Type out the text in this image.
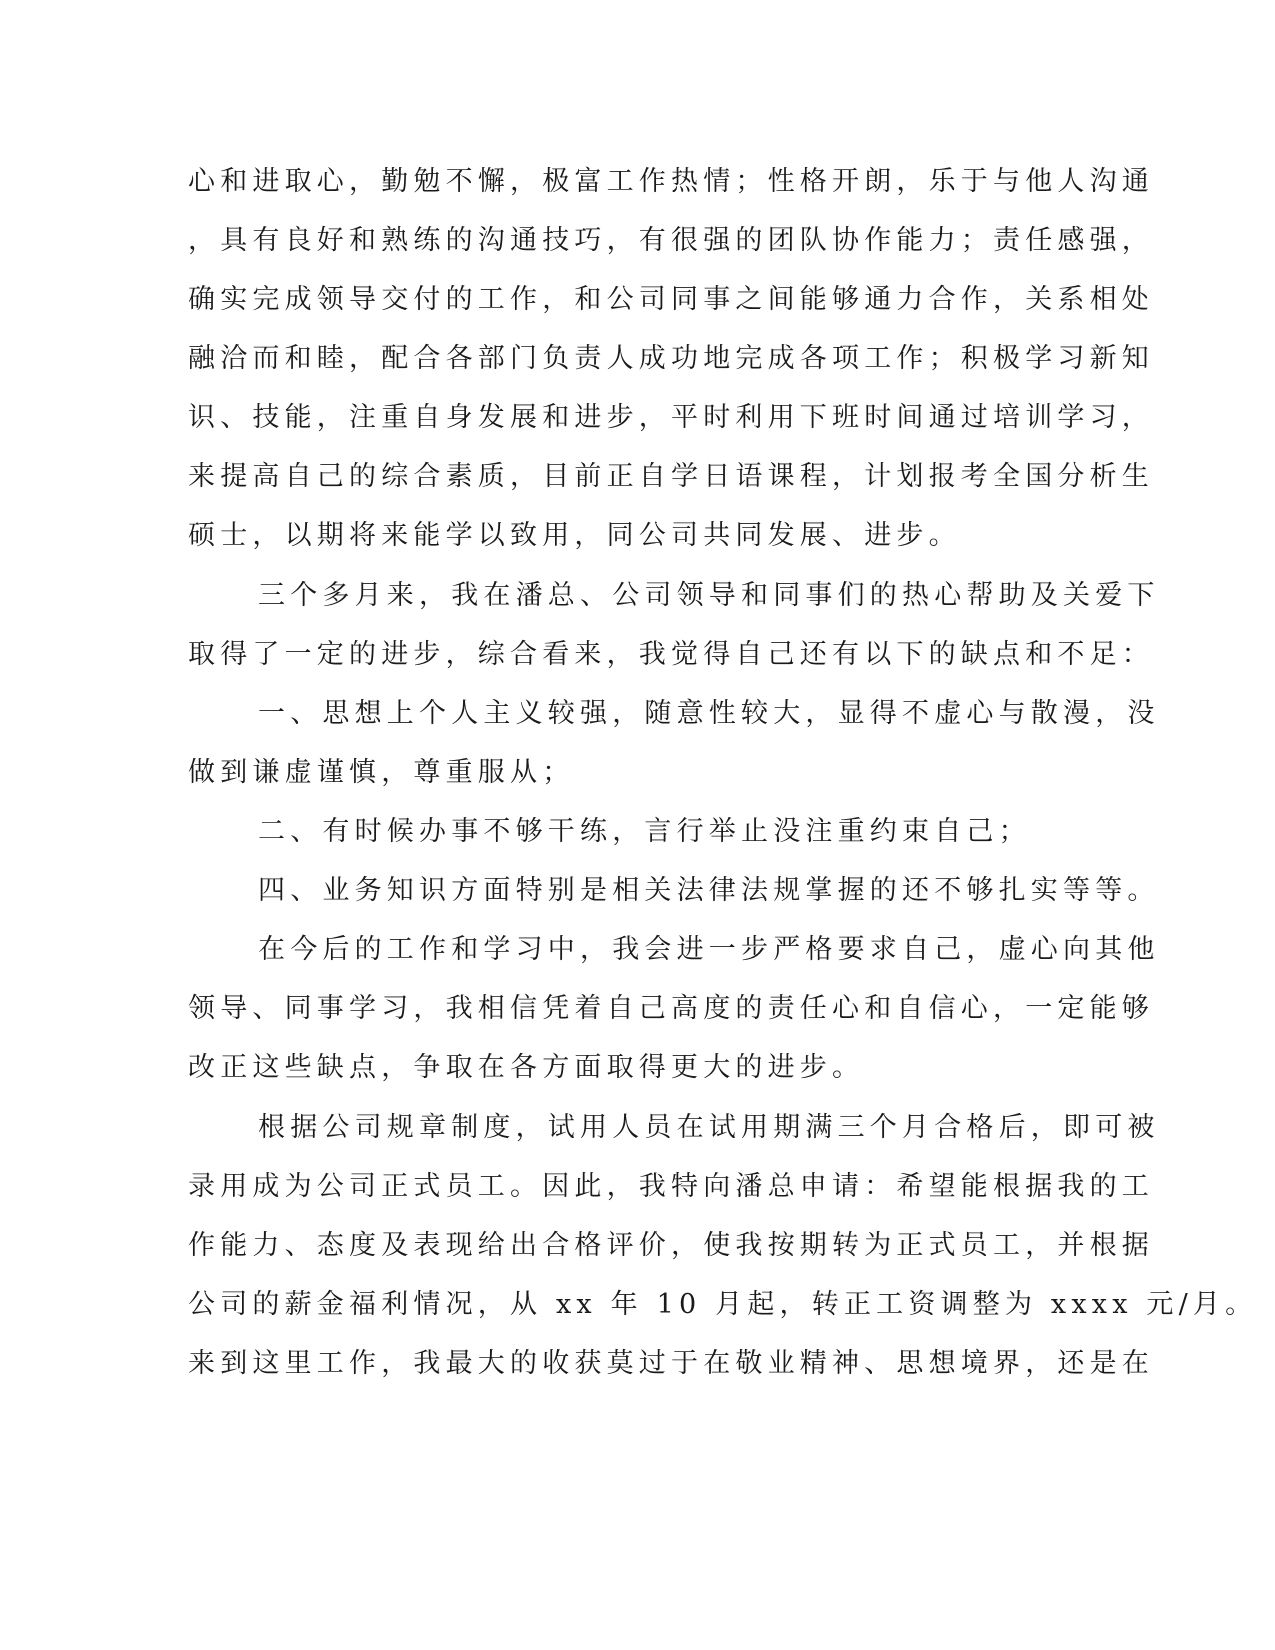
心和进取心，勤勉不懈，极富工作热情；性格开朗，乐于与他人沟通
，具有良好和熟练的沟通技巧，有很强的团队协作能力；责任感强，
确实完成领导交付的工作，和公司同事之间能够通力合作，关系相处
融洽而和睦，配合各部门负责人成功地完成各项工作；积极学习新知
识、技能，注重自身发展和进步，平时利用下班时间通过培训学习，
来提高自己的综合素质，目前正自学日语课程，计划报考全国分析生
硕士，以期将来能学以致用，同公司共同发展、进步。
三个多月来，我在潘总、公司领导和同事们的热心帮助及关爱下
取得了一定的进步，综合看来，我觉得自己还有以下的缺点和不足：
一、思想上个人主义较强，随意性较大，显得不虚心与散漫，没
做到谦虚谨慎，尊重服从；
二、有时候办事不够干练，言行举止没注重约束自己；
四、业务知识方面特别是相关法律法规掌握的还不够扎实等等。
在今后的工作和学习中，我会进一步严格要求自己，虚心向其他
领导、同事学习，我相信凭着自己高度的责任心和自信心，一定能够
改正这些缺点，争取在各方面取得更大的进步。
根据公司规章制度，试用人员在试用期满三个月合格后，即可被
录用成为公司正式员工。因此，我特向潘总申请：希望能根据我的工
作能力、态度及表现给出合格评价，使我按期转为正式员工，并根据
公司的薪金福利情况，从 xx 年 10 月起，转正工资调整为 xxxx 元/月。
来到这里工作，我最大的收获莫过于在敬业精神、思想境界，还是在
